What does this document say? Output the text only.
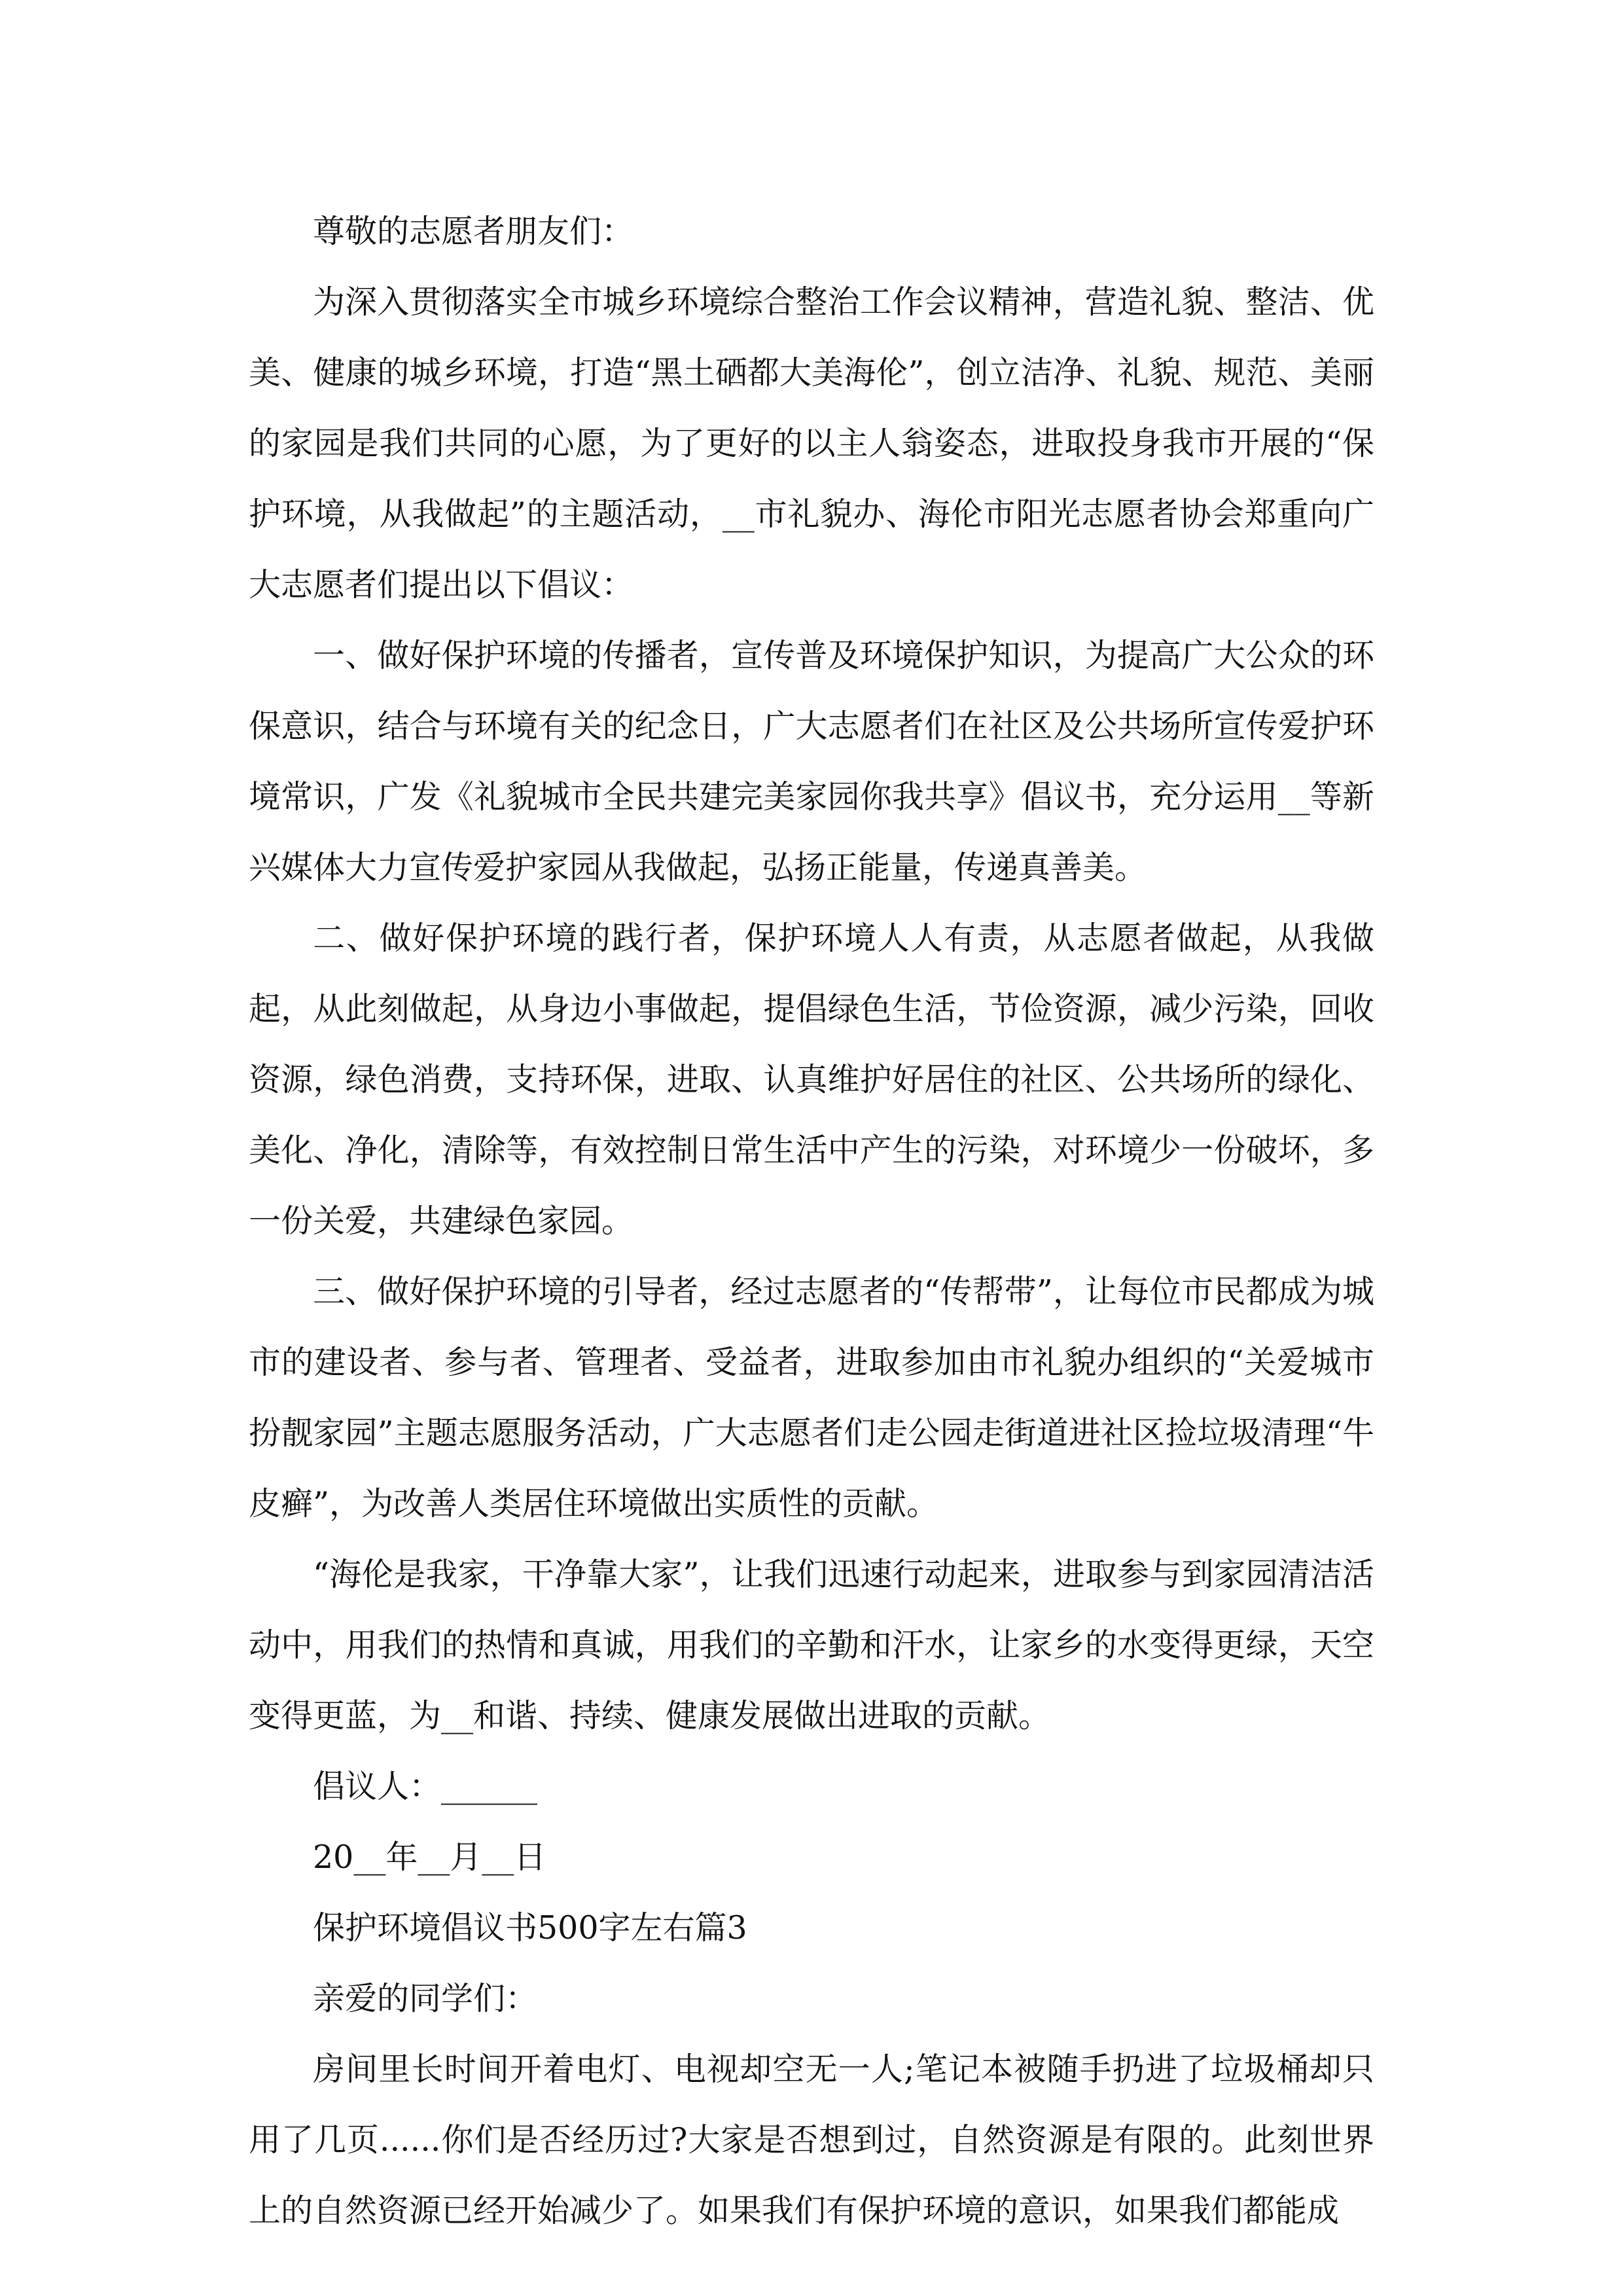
尊敬的志愿者朋友们：

为深入贯彻落实全市城乡环境综合整治工作会议精神，营造礼貌、整洁、优美、健康的城乡环境，打造“黑土硒都大美海伦”，创立洁净、礼貌、规范、美丽的家园是我们共同的心愿，为了更好的以主人翁姿态，进取投身我市开展的“保护环境，从我做起”的主题活动，__市礼貌办、海伦市阳光志愿者协会郑重向广大志愿者们提出以下倡议：

一、做好保护环境的传播者，宣传普及环境保护知识，为提高广大公众的环保意识，结合与环境有关的纪念日，广大志愿者们在社区及公共场所宣传爱护环境常识，广发《礼貌城市全民共建完美家园你我共享》倡议书，充分运用__等新兴媒体大力宣传爱护家园从我做起，弘扬正能量，传递真善美。

二、做好保护环境的践行者，保护环境人人有责，从志愿者做起，从我做起，从此刻做起，从身边小事做起，提倡绿色生活，节俭资源，减少污染，回收资源，绿色消费，支持环保，进取、认真维护好居住的社区、公共场所的绿化、美化、净化，清除等，有效控制日常生活中产生的污染，对环境少一份破坏，多一份关爱，共建绿色家园。

三、做好保护环境的引导者，经过志愿者的“传帮带”，让每位市民都成为城市的建设者、参与者、管理者、受益者，进取参加由市礼貌办组织的“关爱城市扮靓家园”主题志愿服务活动，广大志愿者们走公园走街道进社区捡垃圾清理“牛皮癣”，为改善人类居住环境做出实质性的贡献。

“海伦是我家，干净靠大家”，让我们迅速行动起来，进取参与到家园清洁活动中，用我们的热情和真诚，用我们的辛勤和汗水，让家乡的水变得更绿，天空变得更蓝，为__和谐、持续、健康发展做出进取的贡献。

倡议人：______

20__年__月__日

保护环境倡议书500字左右篇3

亲爱的同学们：

房间里长时间开着电灯、电视却空无一人;笔记本被随手扔进了垃圾桶却只用了几页......你们是否经历过?大家是否想到过，自然资源是有限的。此刻世界上的自然资源已经开始减少了。如果我们有保护环境的意识，如果我们都能成
